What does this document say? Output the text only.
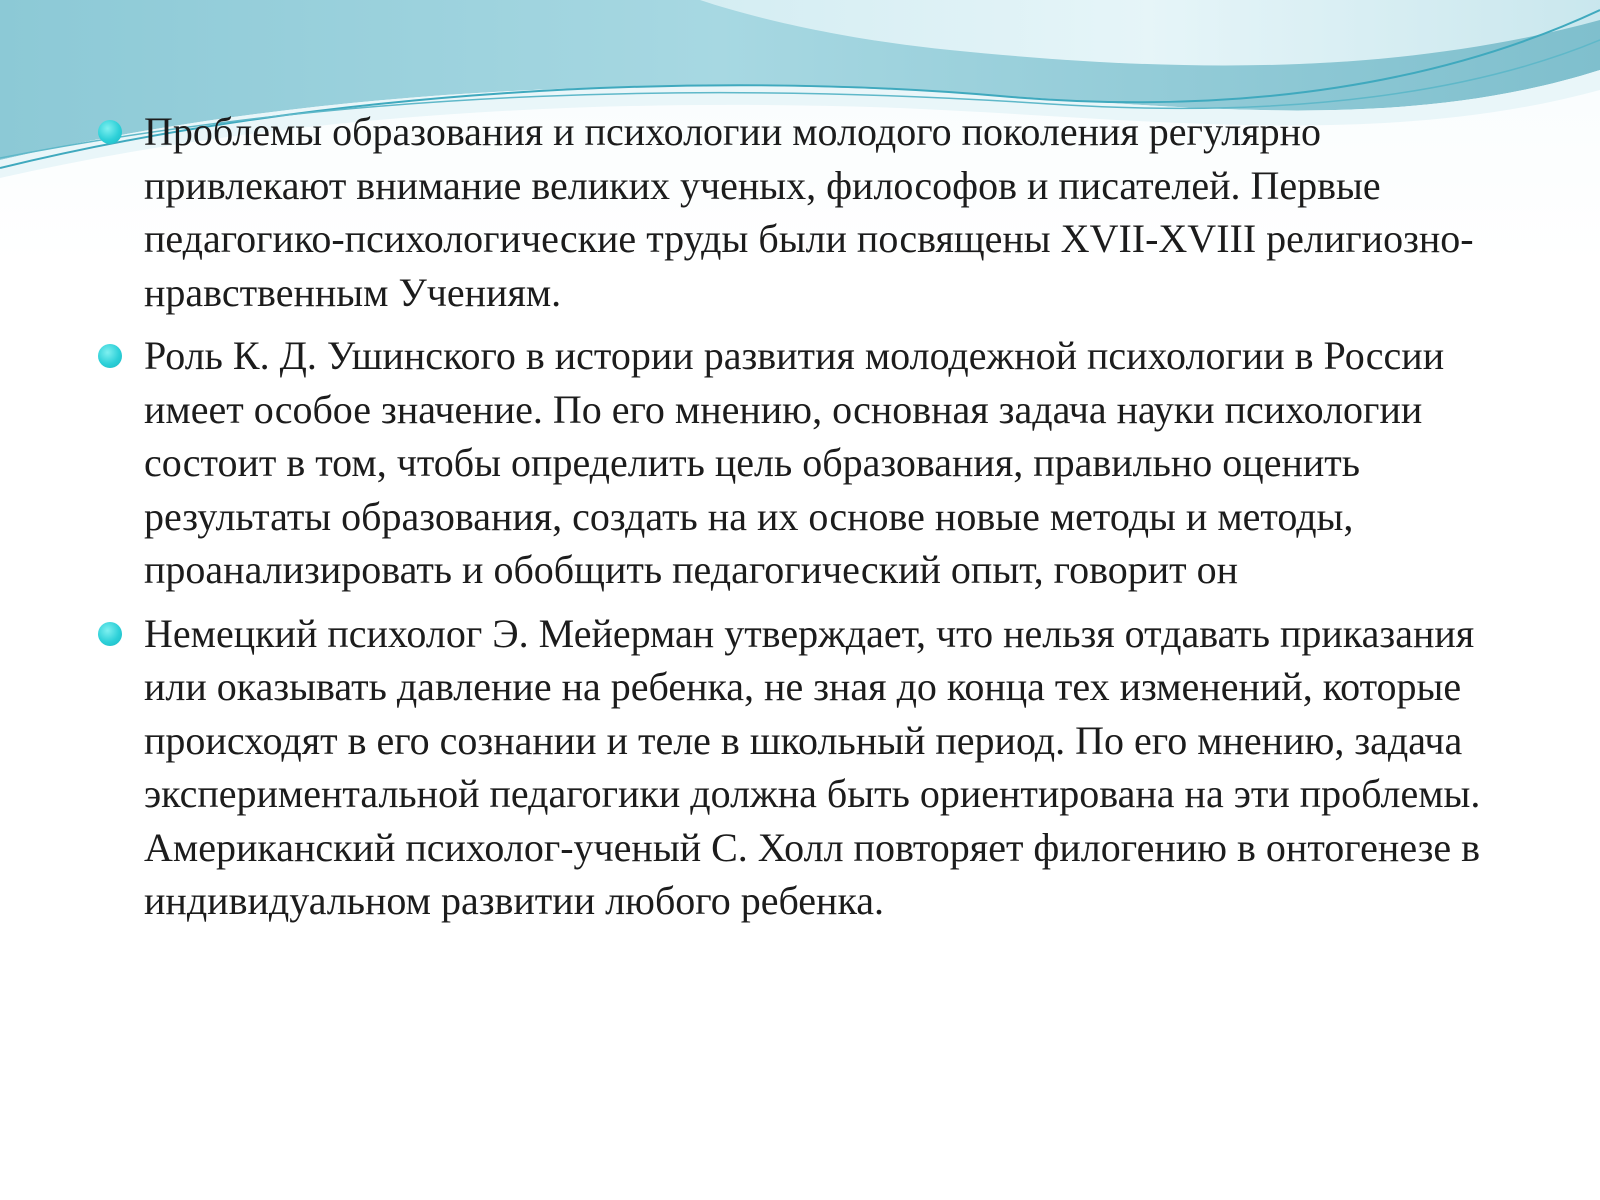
Проблемы образования и психологии молодого поколения регулярно привлекают внимание великих ученых, философов и писателей. Первые педагогико-психологические труды были посвящены XVII-XVIII религиозно-нравственным Учениям.
Роль К. Д. Ушинского в истории развития молодежной психологии в России имеет особое значение. По его мнению, основная задача науки психологии состоит в том, чтобы определить цель образования, правильно оценить результаты образования, создать на их основе новые методы и методы, проанализировать и обобщить педагогический опыт, говорит он
Немецкий психолог Э. Мейерман утверждает, что нельзя отдавать приказания или оказывать давление на ребенка, не зная до конца тех изменений, которые происходят в его сознании и теле в школьный период. По его мнению, задача экспериментальной педагогики должна быть ориентирована на эти проблемы. Американский психолог-ученый С. Холл повторяет филогению в онтогенезе в индивидуальном развитии любого ребенка.
